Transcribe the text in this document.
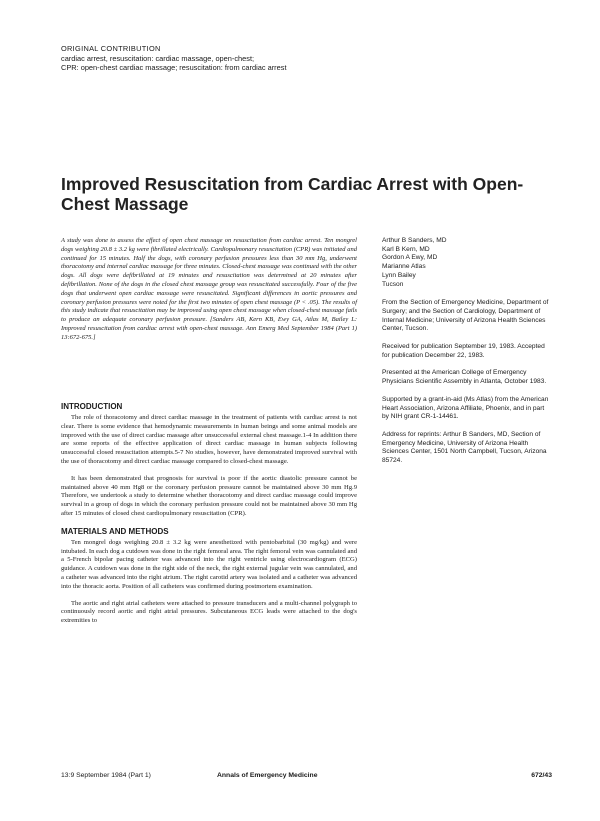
ORIGINAL CONTRIBUTION
cardiac arrest, resuscitation: cardiac massage, open-chest;
CPR: open-chest cardiac massage; resuscitation: from cardiac arrest
Improved Resuscitation from Cardiac Arrest with Open-Chest Massage

A study was done to assess the effect of open chest massage on resuscitation from cardiac arrest. Ten mongrel dogs weighing 20.8 ± 3.2 kg were fibrillated electrically. Cardiopulmonary resuscitation (CPR) was initiated and continued for 15 minutes. Half the dogs, with coronary perfusion pressures less than 30 mm Hg, underwent thoracotomy and internal cardiac massage for three minutes. Closed-chest massage was continued with the other dogs. All dogs were defibrillated at 19 minutes and resuscitation was determined at 20 minutes after defibrillation. None of the dogs in the closed chest massage group was resuscitated successfully. Four of the five dogs that underwent open cardiac massage were resuscitated. Significant differences in aortic pressures and coronary perfusion pressures were noted for the first two minutes of open chest massage (P < .05). The results of this study indicate that resuscitation may be improved using open chest massage when closed-chest massage fails to produce an adequate coronary perfusion pressure. [Sanders AB, Kern KB, Ewy GA, Atlas M, Bailey L: Improved resuscitation from cardiac arrest with open-chest massage. Ann Emerg Med September 1984 (Part 1) 13:672-675.]

Arthur B Sanders, MD
Karl B Kern, MD
Gordon A Ewy, MD
Marianne Atlas
Lynn Bailey
Tucson

From the Section of Emergency Medicine, Department of Surgery; and the Section of Cardiology, Department of Internal Medicine; University of Arizona Health Sciences Center, Tucson.

Received for publication September 19, 1983. Accepted for publication December 22, 1983.

Presented at the American College of Emergency Physicians Scientific Assembly in Atlanta, October 1983.

Supported by a grant-in-aid (Ms Atlas) from the American Heart Association, Arizona Affiliate, Phoenix, and in part by NIH grant CR-1-14461.

Address for reprints: Arthur B Sanders, MD, Section of Emergency Medicine, University of Arizona Health Sciences Center, 1501 North Campbell, Tucson, Arizona 85724.

INTRODUCTION

The role of thoracotomy and direct cardiac massage in the treatment of patients with cardiac arrest is not clear. There is some evidence that hemodynamic measurements in human beings and some animal models are improved with the use of direct cardiac massage after unsuccessful external chest massage.1-4 In addition there are some reports of the effective application of direct cardiac massage in human subjects following unsuccessful closed resuscitation attempts.5-7 No studies, however, have demonstrated improved survival with the use of thoracotomy and direct cardiac massage compared to closed-chest massage.

It has been demonstrated that prognosis for survival is poor if the aortic diastolic pressure cannot be maintained above 40 mm Hg8 or the coronary perfusion pressure cannot be maintained above 30 mm Hg.9 Therefore, we undertook a study to determine whether thoracotomy and direct cardiac massage could improve survival in a group of dogs in which the coronary perfusion pressure could not be maintained above 30 mm Hg after 15 minutes of closed chest cardiopulmonary resuscitation (CPR).

MATERIALS AND METHODS

Ten mongrel dogs weighing 20.8 ± 3.2 kg were anesthetized with pentobarbital (30 mg/kg) and were intubated. In each dog a cutdown was done in the right femoral area. The right femoral vein was cannulated and a 5-French bipolar pacing catheter was advanced into the right ventricle using electrocardiogram (ECG) guidance. A cutdown was done in the right side of the neck, the right external jugular vein was cannulated, and a catheter was advanced into the right atrium. The right carotid artery was isolated and a catheter was advanced into the thoracic aorta. Position of all catheters was confirmed during postmortem examination.

The aortic and right atrial catheters were attached to pressure transducers and a multi-channel polygraph to continuously record aortic and right atrial pressures. Subcutaneous ECG leads were attached to the dog's extremities to

13:9 September 1984 (Part 1)	Annals of Emergency Medicine	672/43
